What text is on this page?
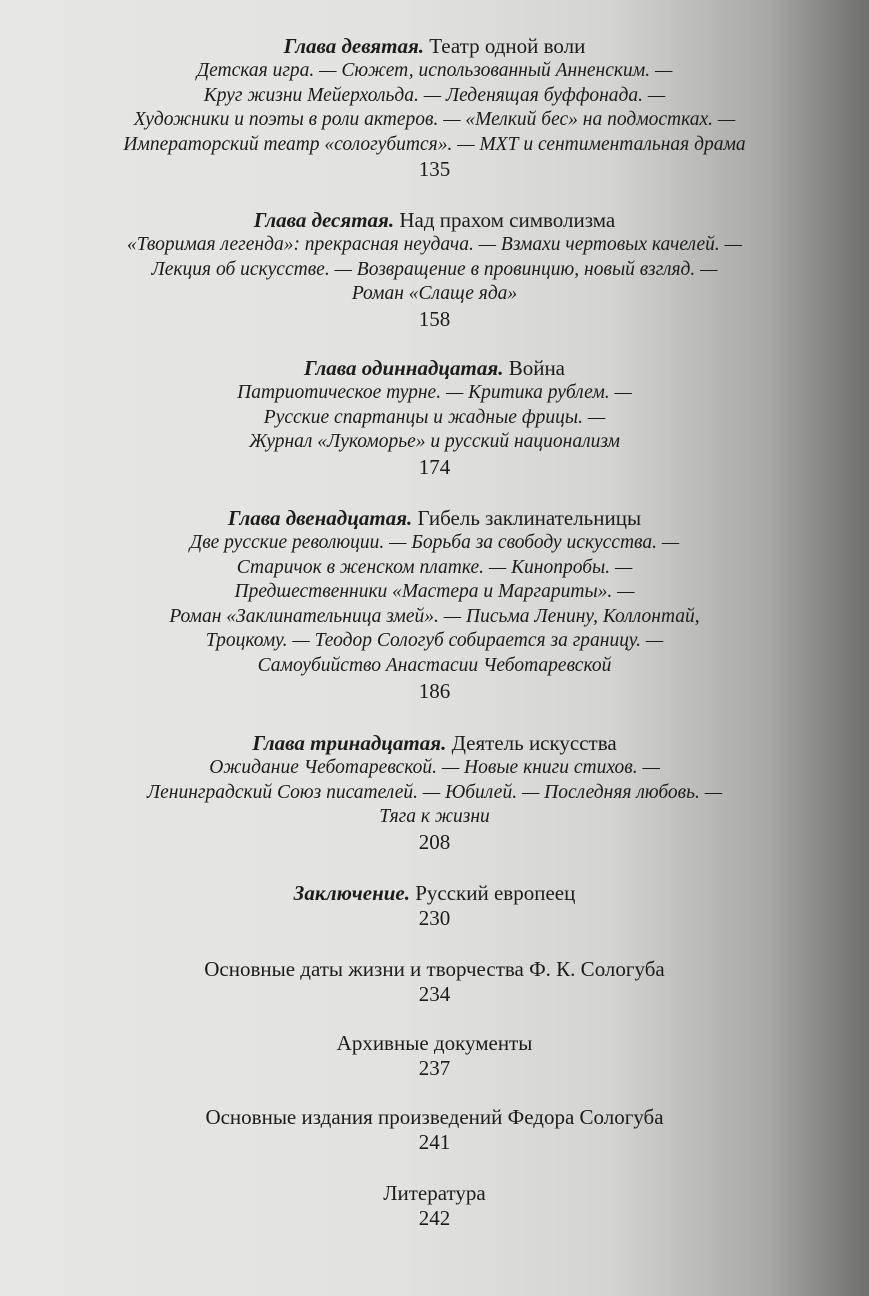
Глава девятая. Театр одной воли
Детская игра. — Сюжет, использованный Анненским. —
Круг жизни Мейерхольда. — Леденящая буффонада. —
Художники и поэты в роли актеров. — «Мелкий бес» на подмостках. —
Императорский театр «сологубится». — МХТ и сентиментальная драма
135
Глава десятая. Над прахом символизма
«Творимая легенда»: прекрасная неудача. — Взмахи чертовых качелей. —
Лекция об искусстве. — Возвращение в провинцию, новый взгляд. —
Роман «Слаще яда»
158
Глава одиннадцатая. Война
Патриотическое турне. — Критика рублем. —
Русские спартанцы и жадные фрицы. —
Журнал «Лукоморье» и русский национализм
174
Глава двенадцатая. Гибель заклинательницы
Две русские революции. — Борьба за свободу искусства. —
Старичок в женском платке. — Кинопробы. —
Предшественники «Мастера и Маргариты». —
Роман «Заклинательница змей». — Письма Ленину, Коллонтай,
Троцкому. — Теодор Сологуб собирается за границу. —
Самоубийство Анастасии Чеботаревской
186
Глава тринадцатая. Деятель искусства
Ожидание Чеботаревской. — Новые книги стихов. —
Ленинградский Союз писателей. — Юбилей. — Последняя любовь. —
Тяга к жизни
208
Заключение. Русский европеец
230
Основные даты жизни и творчества Ф. К. Сологуба
234
Архивные документы
237
Основные издания произведений Федора Сологуба
241
Литература
242
